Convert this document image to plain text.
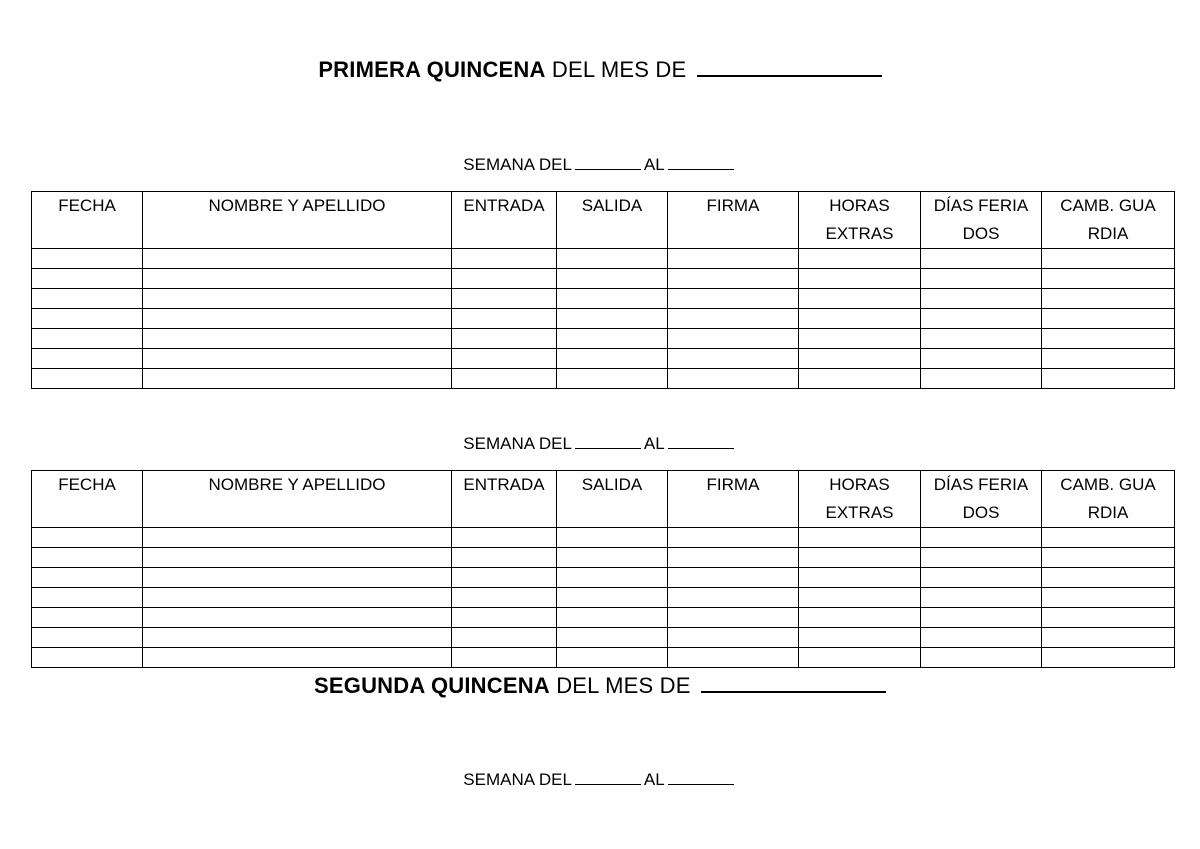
PRIMERA QUINCENA DEL MES DE
SEMANA DEL	AL
FECHA	NOMBRE Y APELLIDO	ENTRADA	SALIDA	FIRMA	HORAS EXTRAS	DÍAS FERIADOS	CAMB. GUARDIA

SEMANA DEL	AL
FECHA	NOMBRE Y APELLIDO	ENTRADA	SALIDA	FIRMA	HORAS EXTRAS	DÍAS FERIADOS	CAMB. GUARDIA

SEGUNDA QUINCENA DEL MES DE
SEMANA DEL	AL
